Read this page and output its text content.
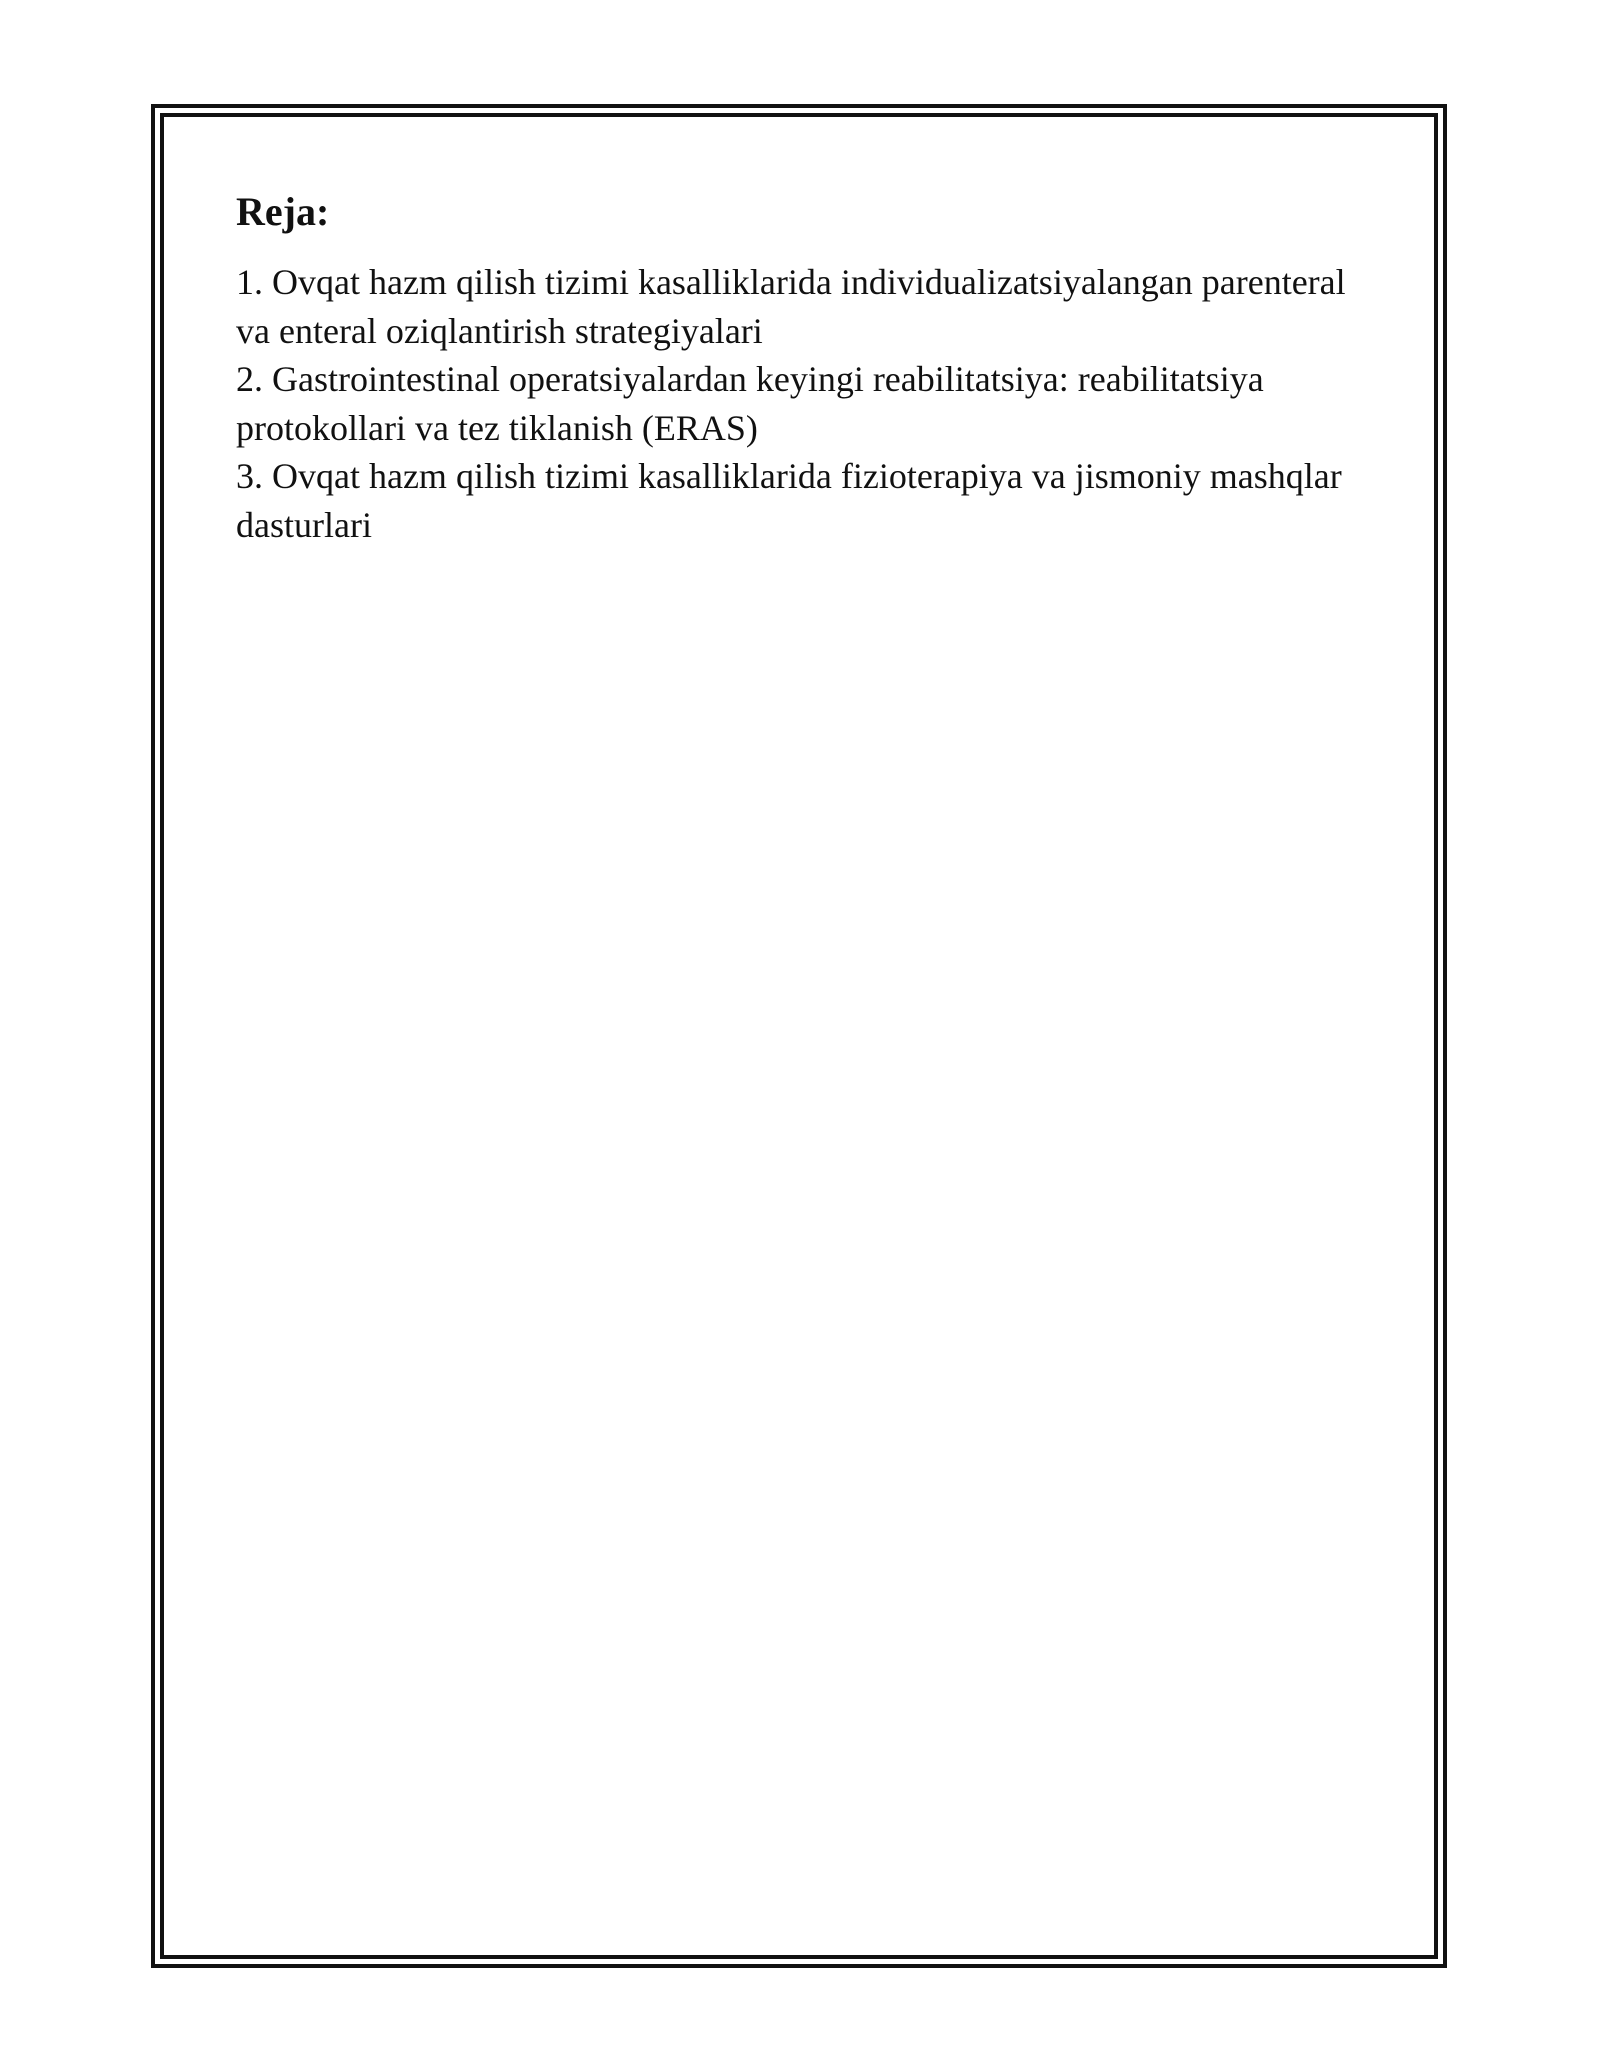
Reja:
1. Ovqat hazm qilish tizimi kasalliklarida individualizatsiyalangan parenteral va enteral oziqlantirish strategiyalari
2. Gastrointestinal operatsiyalardan keyingi reabilitatsiya: reabilitatsiya protokollari va tez tiklanish (ERAS)
3. Ovqat hazm qilish tizimi kasalliklarida fizioterapiya va jismoniy mashqlar dasturlari
